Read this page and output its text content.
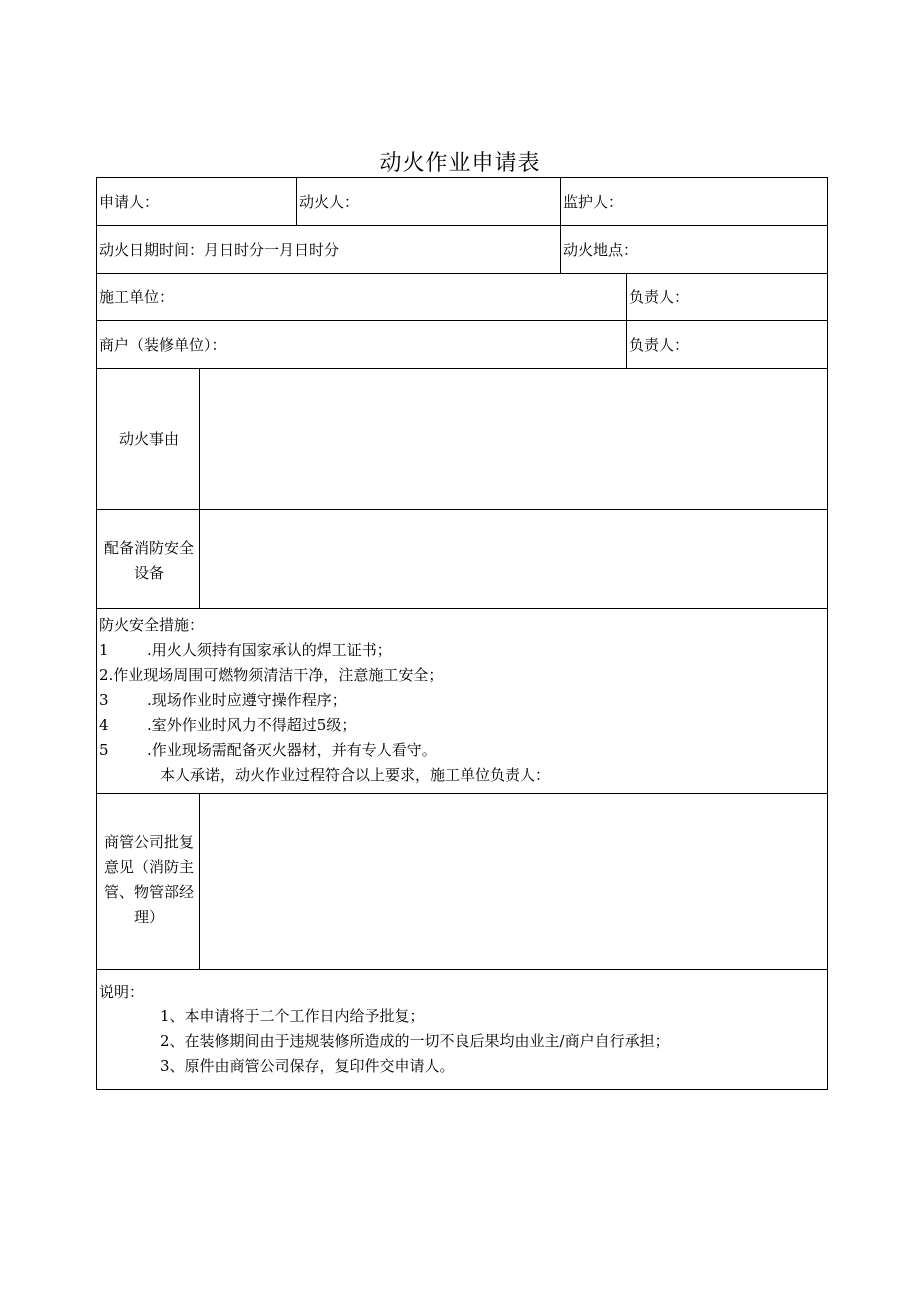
动火作业申请表
申请人：	动火人：	监护人：
动火日期时间：月日时分一月日时分	动火地点：
施工单位：	负责人：
商户（装修单位）：	负责人：
动火事由
配备消防安全设备
防火安全措施：
1	.用火人须持有国家承认的焊工证书；
2.作业现场周围可燃物须清洁干净，注意施工安全；
3	.现场作业时应遵守操作程序；
4	.室外作业时风力不得超过5级；
5	.作业现场需配备灭火器材，并有专人看守。
本人承诺，动火作业过程符合以上要求，施工单位负责人：
商管公司批复意见（消防主管、物管部经理）
说明：
1、本申请将于二个工作日内给予批复；
2、在装修期间由于违规装修所造成的一切不良后果均由业主/商户自行承担；
3、原件由商管公司保存，复印件交申请人。
